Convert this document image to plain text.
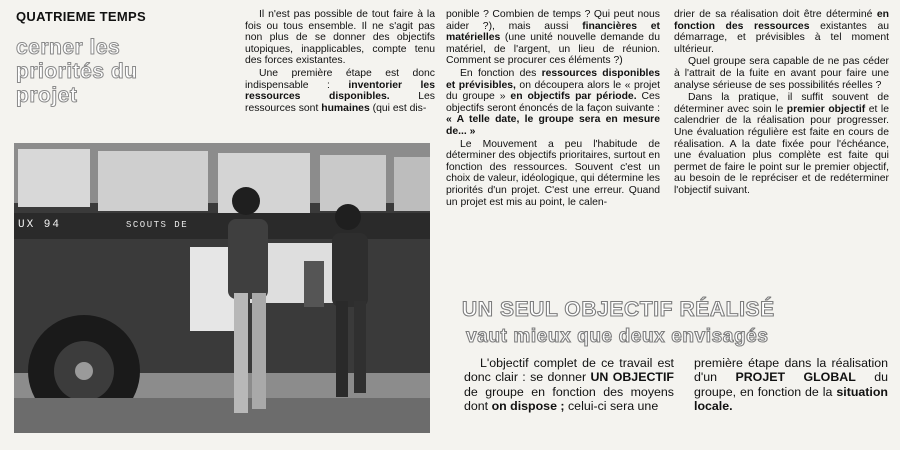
QUATRIEME TEMPS
cerner les
priorités du
projet

Il n'est pas possible de tout faire à la fois ou tous ensemble. Il ne s'agit pas non plus de se donner des objectifs utopiques, inapplicables, compte tenu des forces existantes.

Une première étape est donc indispensable : inventorier les ressources disponibles. Les ressources sont humaines (qui est dis-

ponible ? Combien de temps ? Qui peut nous aider ?), mais aussi financières et matérielles (une unité nouvelle demande du matériel, de l'argent, un lieu de réunion. Comment se procurer ces éléments ?)

En fonction des ressources disponibles et prévisibles, on découpera alors le « projet du groupe » en objectifs par période. Ces objectifs seront énoncés de la façon suivante : « A telle date, le groupe sera en mesure de... »

Le Mouvement a peu l'habitude de déterminer des objectifs prioritaires, surtout en fonction des ressources. Souvent c'est un choix de valeur, idéologique, qui détermine les priorités d'un projet. C'est une erreur. Quand un projet est mis au point, le calen-

drier de sa réalisation doit être déterminé en fonction des ressources existantes au démarrage, et prévisibles à tel moment ultérieur.

Quel groupe sera capable de ne pas céder à l'attrait de la fuite en avant pour faire une analyse sérieuse de ses possibilités réelles ?

Dans la pratique, il suffit souvent de déterminer avec soin le premier objectif et le calendrier de la réalisation pour progresser. Une évaluation régulière est faite en cours de réalisation. A la date fixée pour l'échéance, une évaluation plus complète est faite qui permet de faire le point sur le premier objectif, au besoin de le repréciser et de redéterminer l'objectif suivant.

UX 94	SCOUTS DE
UN SEUL OBJECTIF RÉALISÉ
vaut mieux que deux envisagés

L'objectif complet de ce travail est donc clair : se donner UN OBJECTIF de groupe en fonction des moyens dont on dispose ; celui-ci sera une

première étape dans la réalisation d'un PROJET GLOBAL du groupe, en fonction de la situation locale.
